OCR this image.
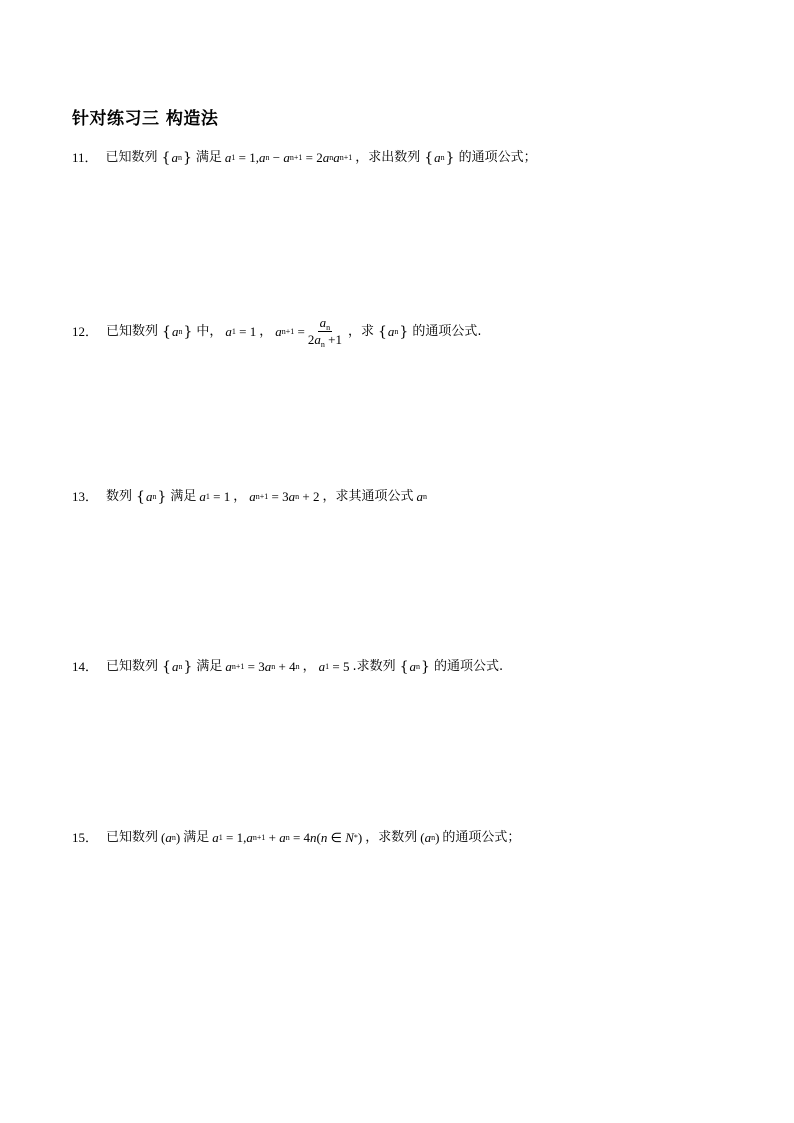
针对练习三 构造法
11． 已知数列 { a n } 满足 a 1 = 1, a n − a n+1 = 2 a n a n+1 ，求出数列 { a n } 的通项公式；
12． 已知数列 { a n } 中， a 1 = 1 ， a $n+1 = \frac{a_n}{2a_n +1}$ ，求 { a n } 的通项公式.
13． 数列 { a n } 满足 a 1 = 1 ， a n+1 = 3 a n + 2 ，求其通项公式 a n
14． 已知数列 { a n } 满足 a n+1 = 3 a n + 4 n ， a 1 = 5 .求数列 { a n } 的通项公式.
15． 已知数列 ( a n ) 满足 a 1 = 1, a n+1 + a n = 4 n ( n ∈ N * ) ，求数列 ( a n ) 的通项公式；
